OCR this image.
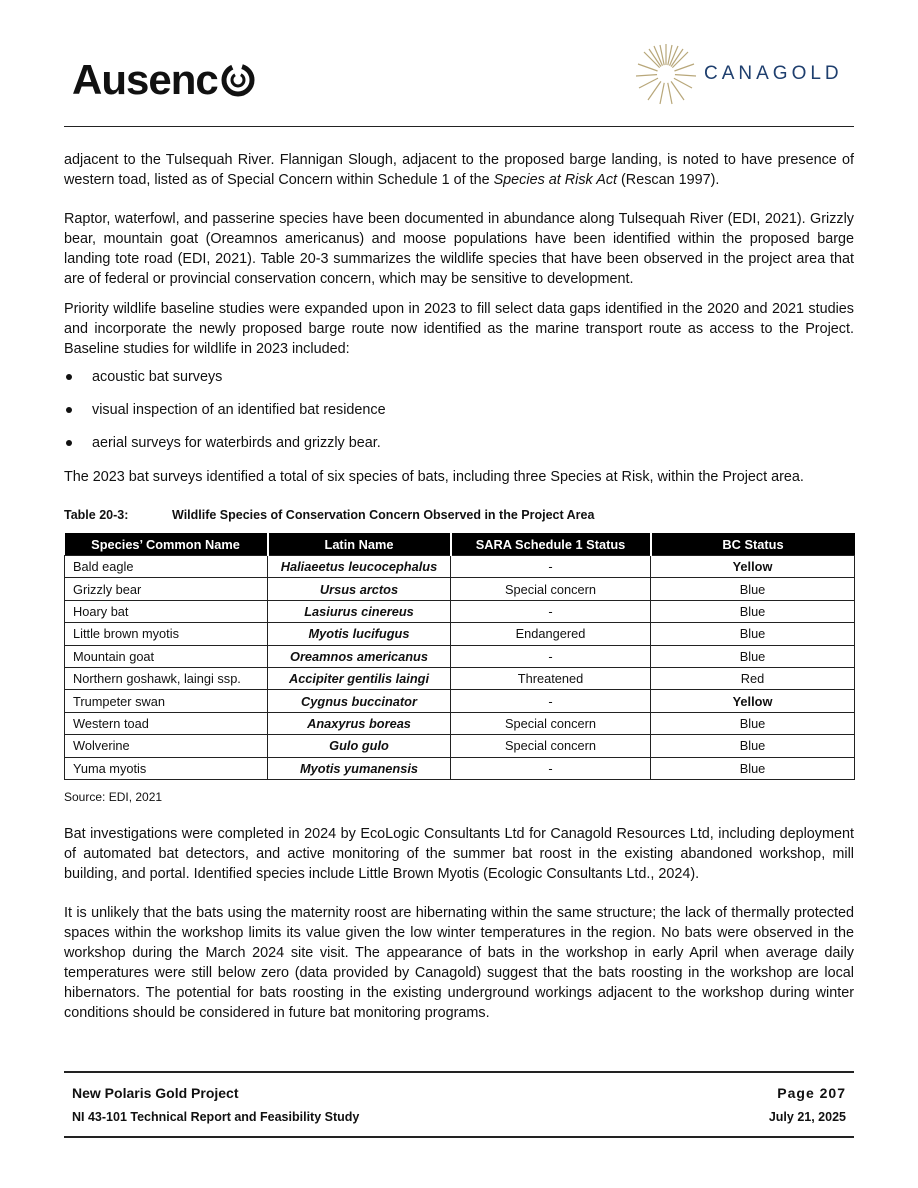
Ausenc	CANAGOLD

adjacent to the Tulsequah River. Flannigan Slough, adjacent to the proposed barge landing, is noted to have presence of western toad, listed as of Special Concern within Schedule 1 of the Species at Risk Act (Rescan 1997).

Raptor, waterfowl, and passerine species have been documented in abundance along Tulsequah River (EDI, 2021). Grizzly bear, mountain goat (Oreamnos americanus) and moose populations have been identified within the proposed barge landing tote road (EDI, 2021). Table 20-3 summarizes the wildlife species that have been observed in the project area that are of federal or provincial conservation concern, which may be sensitive to development.

Priority wildlife baseline studies were expanded upon in 2023 to fill select data gaps identified in the 2020 and 2021 studies and incorporate the newly proposed barge route now identified as the marine transport route as access to the Project. Baseline studies for wildlife in 2023 included:

acoustic bat surveys
visual inspection of an identified bat residence
aerial surveys for waterbirds and grizzly bear.

The 2023 bat surveys identified a total of six species of bats, including three Species at Risk, within the Project area.

Table 20-3:	Wildlife Species of Conservation Concern Observed in the Project Area
Species’ Common Name	Latin Name	SARA Schedule 1 Status	BC Status
Bald eagle	Haliaeetus leucocephalus	-	Yellow
Grizzly bear	Ursus arctos	Special concern	Blue
Hoary bat	Lasiurus cinereus	-	Blue
Little brown myotis	Myotis lucifugus	Endangered	Blue
Mountain goat	Oreamnos americanus	-	Blue
Northern goshawk, laingi ssp.	Accipiter gentilis laingi	Threatened	Red
Trumpeter swan	Cygnus buccinator	-	Yellow
Western toad	Anaxyrus boreas	Special concern	Blue
Wolverine	Gulo gulo	Special concern	Blue
Yuma myotis	Myotis yumanensis	-	Blue
Source: EDI, 2021

Bat investigations were completed in 2024 by EcoLogic Consultants Ltd for Canagold Resources Ltd, including deployment of automated bat detectors, and active monitoring of the summer bat roost in the existing abandoned workshop, mill building, and portal. Identified species include Little Brown Myotis (Ecologic Consultants Ltd., 2024).

It is unlikely that the bats using the maternity roost are hibernating within the same structure; the lack of thermally protected spaces within the workshop limits its value given the low winter temperatures in the region. No bats were observed in the workshop during the March 2024 site visit. The appearance of bats in the workshop in early April when average daily temperatures were still below zero (data provided by Canagold) suggest that the bats roosting in the workshop are local hibernators. The potential for bats roosting in the existing underground workings adjacent to the workshop during winter conditions should be considered in future bat monitoring programs.

New Polaris Gold Project
NI 43-101 Technical Report and Feasibility Study
Page 207
July 21, 2025
